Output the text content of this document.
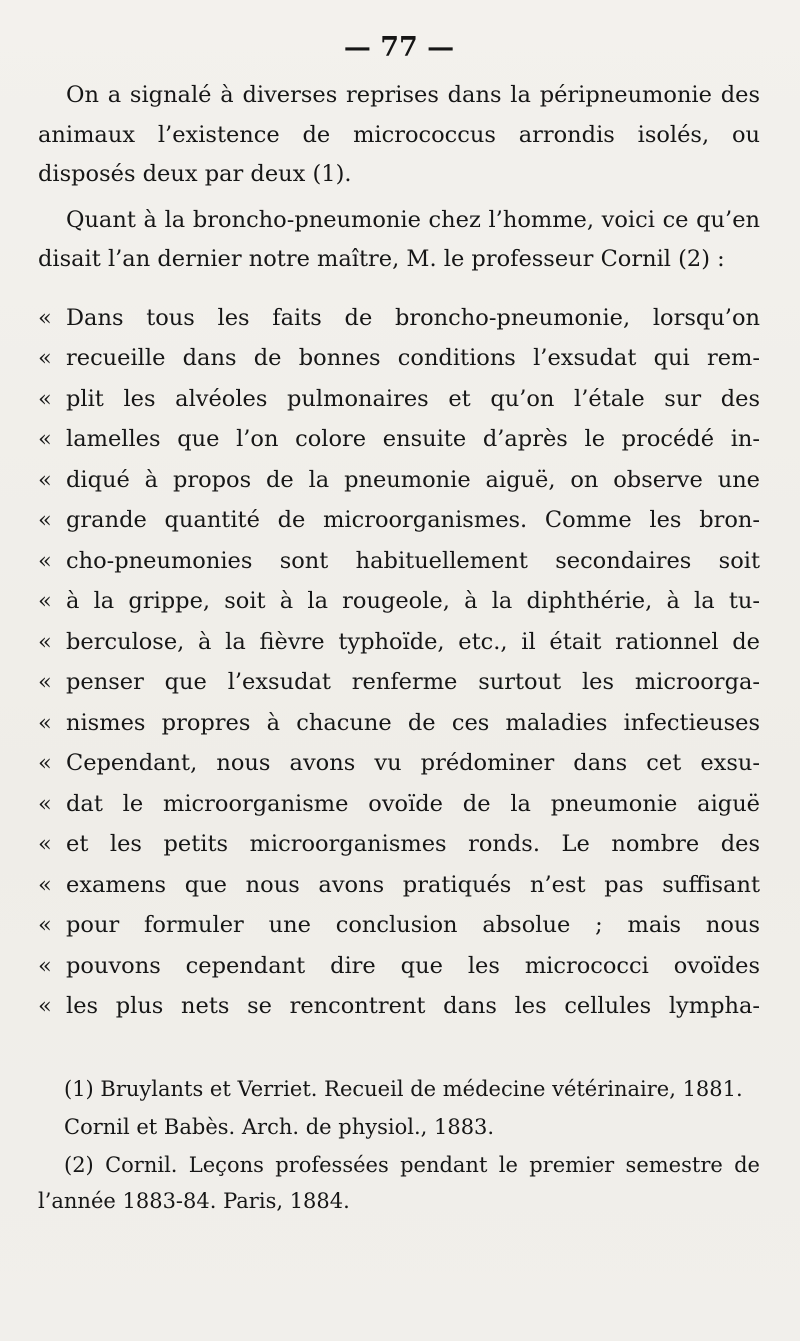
— 77 —

On a signalé à diverses reprises dans la péripneumonie des animaux l’existence de micrococcus arrondis isolés, ou disposés deux par deux (1).

Quant à la broncho-pneumonie chez l’homme, voici ce qu’en disait l’an dernier notre maître, M. le professeur Cornil (2) :

« Dans tous les faits de broncho-pneumonie, lorsqu’on
« recueille dans de bonnes conditions l’exsudat qui rem-
« plit les alvéoles pulmonaires et qu’on l’étale sur des
« lamelles que l’on colore ensuite d’après le procédé in-
« diqué à propos de la pneumonie aiguë, on observe une
« grande quantité de microorganismes. Comme les bron-
« cho-pneumonies sont habituellement secondaires soit
« à la grippe, soit à la rougeole, à la diphthérie, à la tu-
« berculose, à la fièvre typhoïde, etc., il était rationnel de
« penser que l’exsudat renferme surtout les microorga-
« nismes propres à chacune de ces maladies infectieuses
« Cependant, nous avons vu prédominer dans cet exsu-
« dat le microorganisme ovoïde de la pneumonie aiguë
« et les petits microorganismes ronds. Le nombre des
« examens que nous avons pratiqués n’est pas suffisant
« pour formuler une conclusion absolue ; mais nous
« pouvons cependant dire que les micrococci ovoïdes
« les plus nets se rencontrent dans les cellules lympha-

(1) Bruylants et Verriet. Recueil de médecine vétérinaire, 1881.

Cornil et Babès. Arch. de physiol., 1883.

(2) Cornil. Leçons professées pendant le premier semestre de l’année 1883-84. Paris, 1884.
